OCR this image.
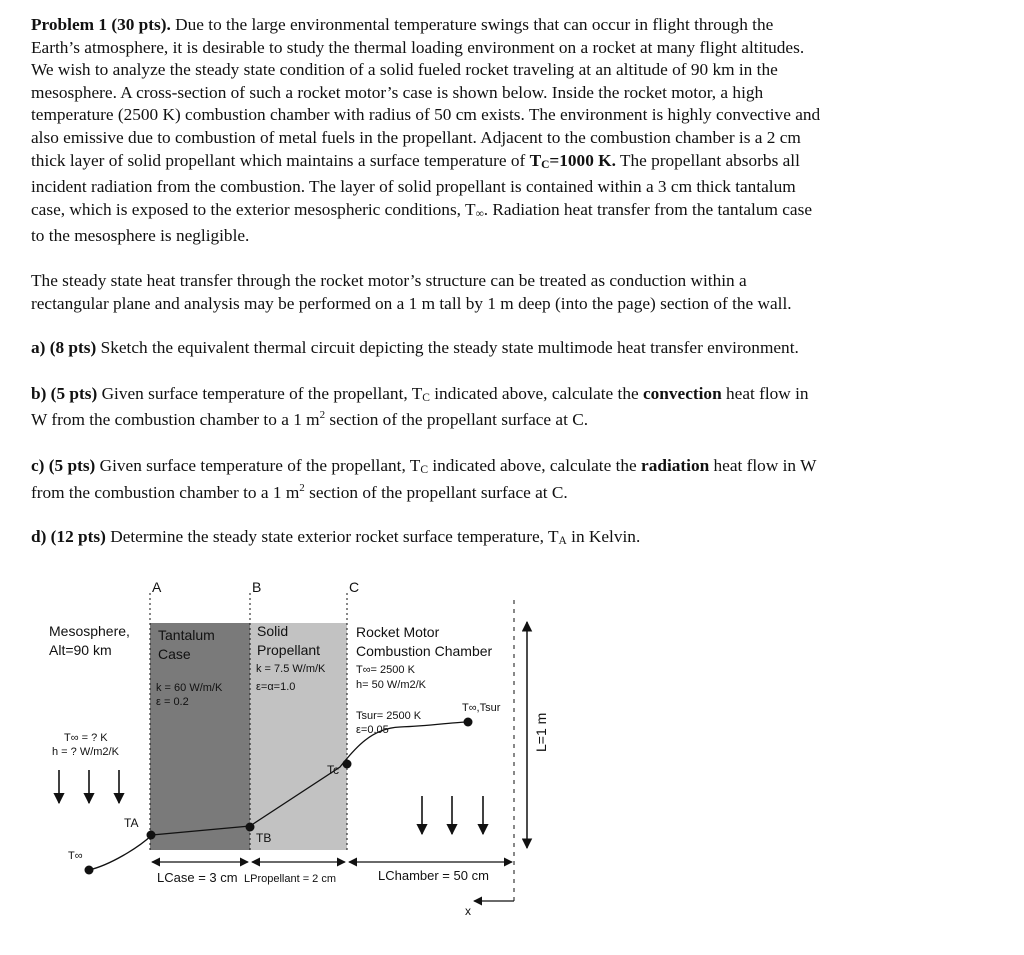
Problem 1 (30 pts). Due to the large environmental temperature swings that can occur in flight through the
Earth’s atmosphere, it is desirable to study the thermal loading environment on a rocket at many flight altitudes.
We wish to analyze the steady state condition of a solid fueled rocket traveling at an altitude of 90 km in the
mesosphere. A cross-section of such a rocket motor’s case is shown below. Inside the rocket motor, a high
temperature (2500 K) combustion chamber with radius of 50 cm exists. The environment is highly convective and
also emissive due to combustion of metal fuels in the propellant. Adjacent to the combustion chamber is a 2 cm
thick layer of solid propellant which maintains a surface temperature of TC=1000 K. The propellant absorbs all
incident radiation from the combustion. The layer of solid propellant is contained within a 3 cm thick tantalum
case, which is exposed to the exterior mesospheric conditions, T∞. Radiation heat transfer from the tantalum case
to the mesosphere is negligible.

The steady state heat transfer through the rocket motor’s structure can be treated as conduction within a
rectangular plane and analysis may be performed on a 1 m tall by 1 m deep (into the page) section of the wall.

a) (8 pts) Sketch the equivalent thermal circuit depicting the steady state multimode heat transfer environment.

b) (5 pts) Given surface temperature of the propellant, TC indicated above, calculate the convection heat flow in
W from the combustion chamber to a 1 $m^2$ section of the propellant surface at C.

c) (5 pts) Given surface temperature of the propellant, TC indicated above, calculate the radiation heat flow in W
from the combustion chamber to a 1 $m^2$ section of the propellant surface at C.

d) (12 pts) Determine the steady state exterior rocket surface temperature, TA in Kelvin.

A	B	C
Mesosphere,
Alt=90 km
T∞ = ? K
h = ? W/m2/K
Tantalum
Case
k = 60 W/m/K
ε = 0.2
Solid
Propellant
k = 7.5 W/m/K
ε=α=1.0
Rocket Motor
Combustion Chamber
T∞= 2500 K
h= 50 W/m2/K
Tsur= 2500 K
ε=0.05
T∞,Tsur
TA
TB
Tc
T∞
L=1 m
LCase = 3 cm LPropellant = 2 cm	LChamber = 50 cm
x
